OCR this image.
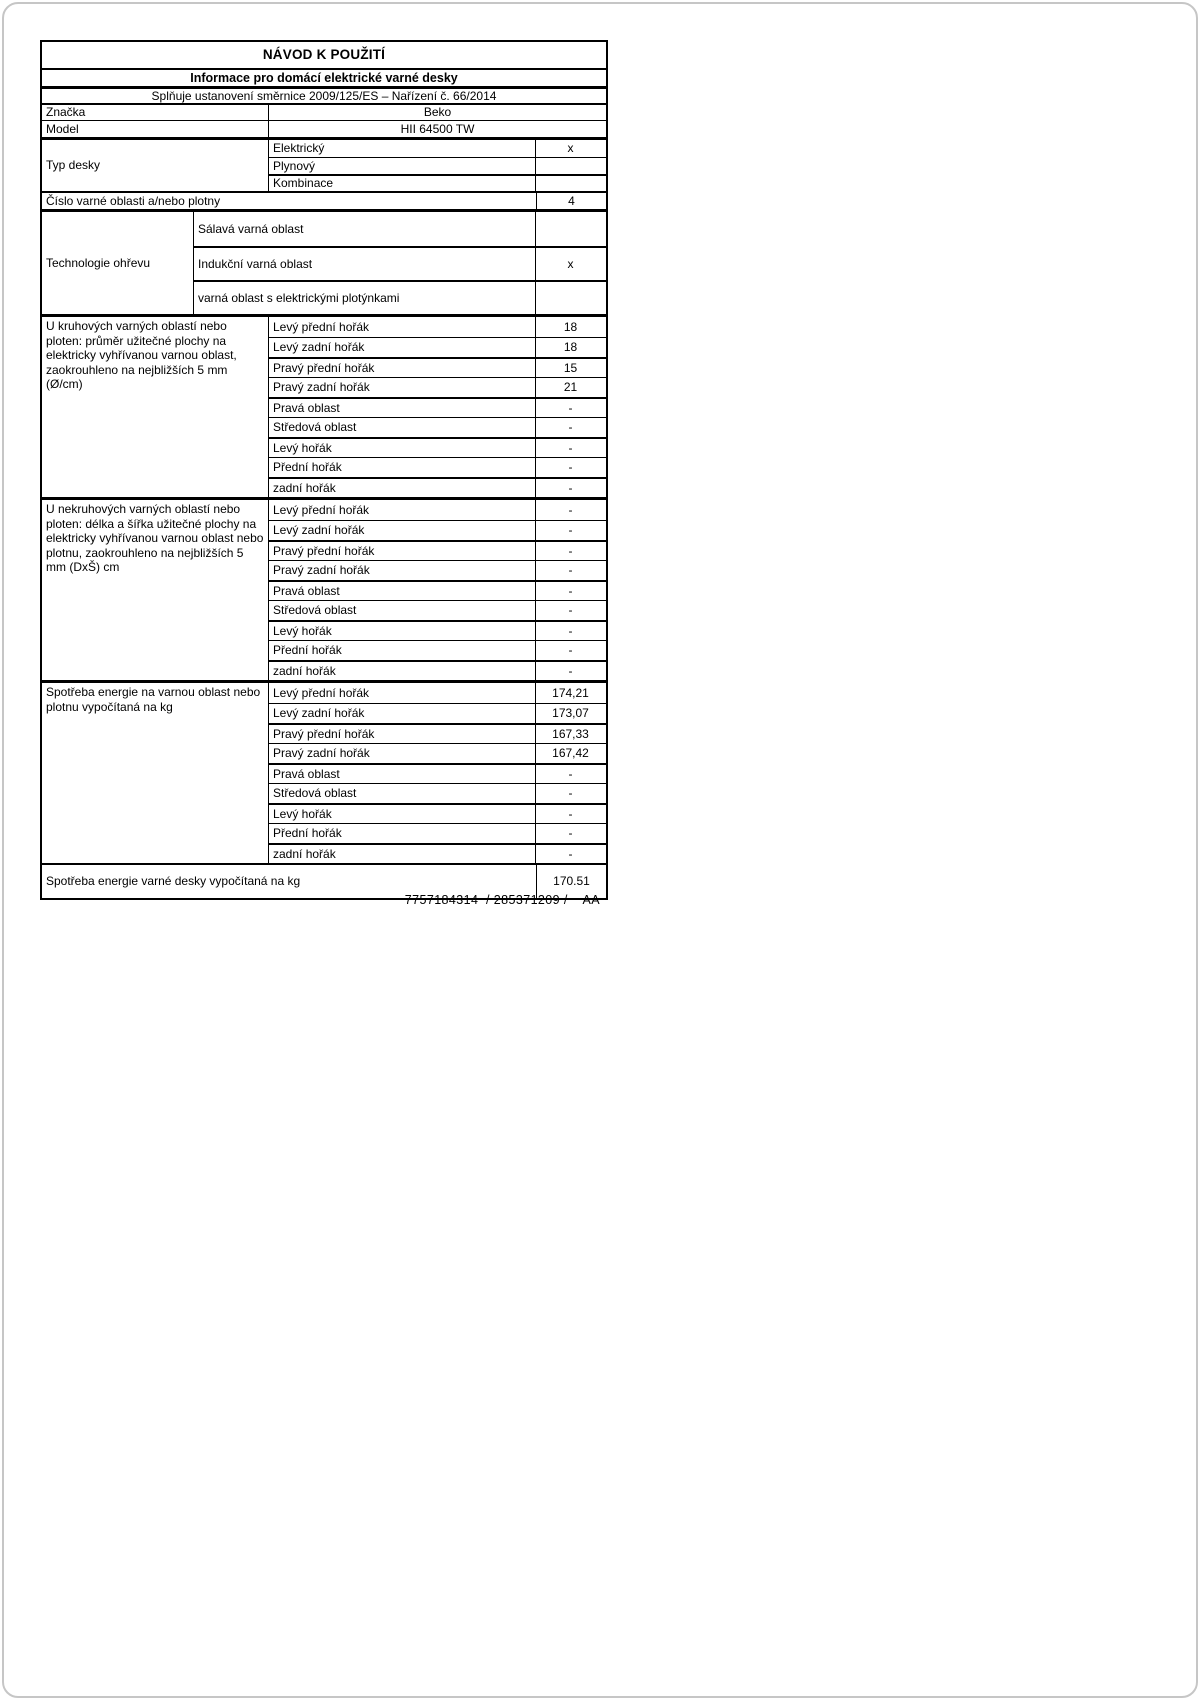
NÁVOD K POUŽITÍ
Informace pro domácí elektrické varné desky
Splňuje ustanovení směrnice 2009/125/ES – Nařízení č. 66/2014
Značka	Beko
Model	HII 64500 TW
Typ desky
Elektrický	x
Plynový
Kombinace
Číslo varné oblasti a/nebo plotny	4
Technologie ohřevu
Sálavá varná oblast
Indukční varná oblast	x
varná oblast s elektrickými plotýnkami
U kruhových varných oblastí nebo ploten: průměr užitečné plochy na elektricky vyhřívanou varnou oblast, zaokrouhleno na nejbližších 5 mm (Ø/cm)
Levý přední hořák	18
Levý zadní hořák	18
Pravý přední hořák	15
Pravý zadní hořák	21
Pravá oblast	-
Středová oblast	-
Levý hořák	-
Přední hořák	-
zadní hořák	-
U nekruhových varných oblastí nebo ploten: délka a šířka užitečné plochy na elektricky vyhřívanou varnou oblast nebo plotnu, zaokrouhleno na nejbližších 5 mm (DxŠ) cm
Levý přední hořák	-
Levý zadní hořák	-
Pravý přední hořák	-
Pravý zadní hořák	-
Pravá oblast	-
Středová oblast	-
Levý hořák	-
Přední hořák	-
zadní hořák	-
Spotřeba energie na varnou oblast nebo plotnu vypočítaná na kg
Levý přední hořák	174,21
Levý zadní hořák	173,07
Pravý přední hořák	167,33
Pravý zadní hořák	167,42
Pravá oblast	-
Středová oblast	-
Levý hořák	-
Přední hořák	-
zadní hořák	-
Spotřeba energie varné desky vypočítaná na kg	170.51
7757184314  / 285371209 /    AA
